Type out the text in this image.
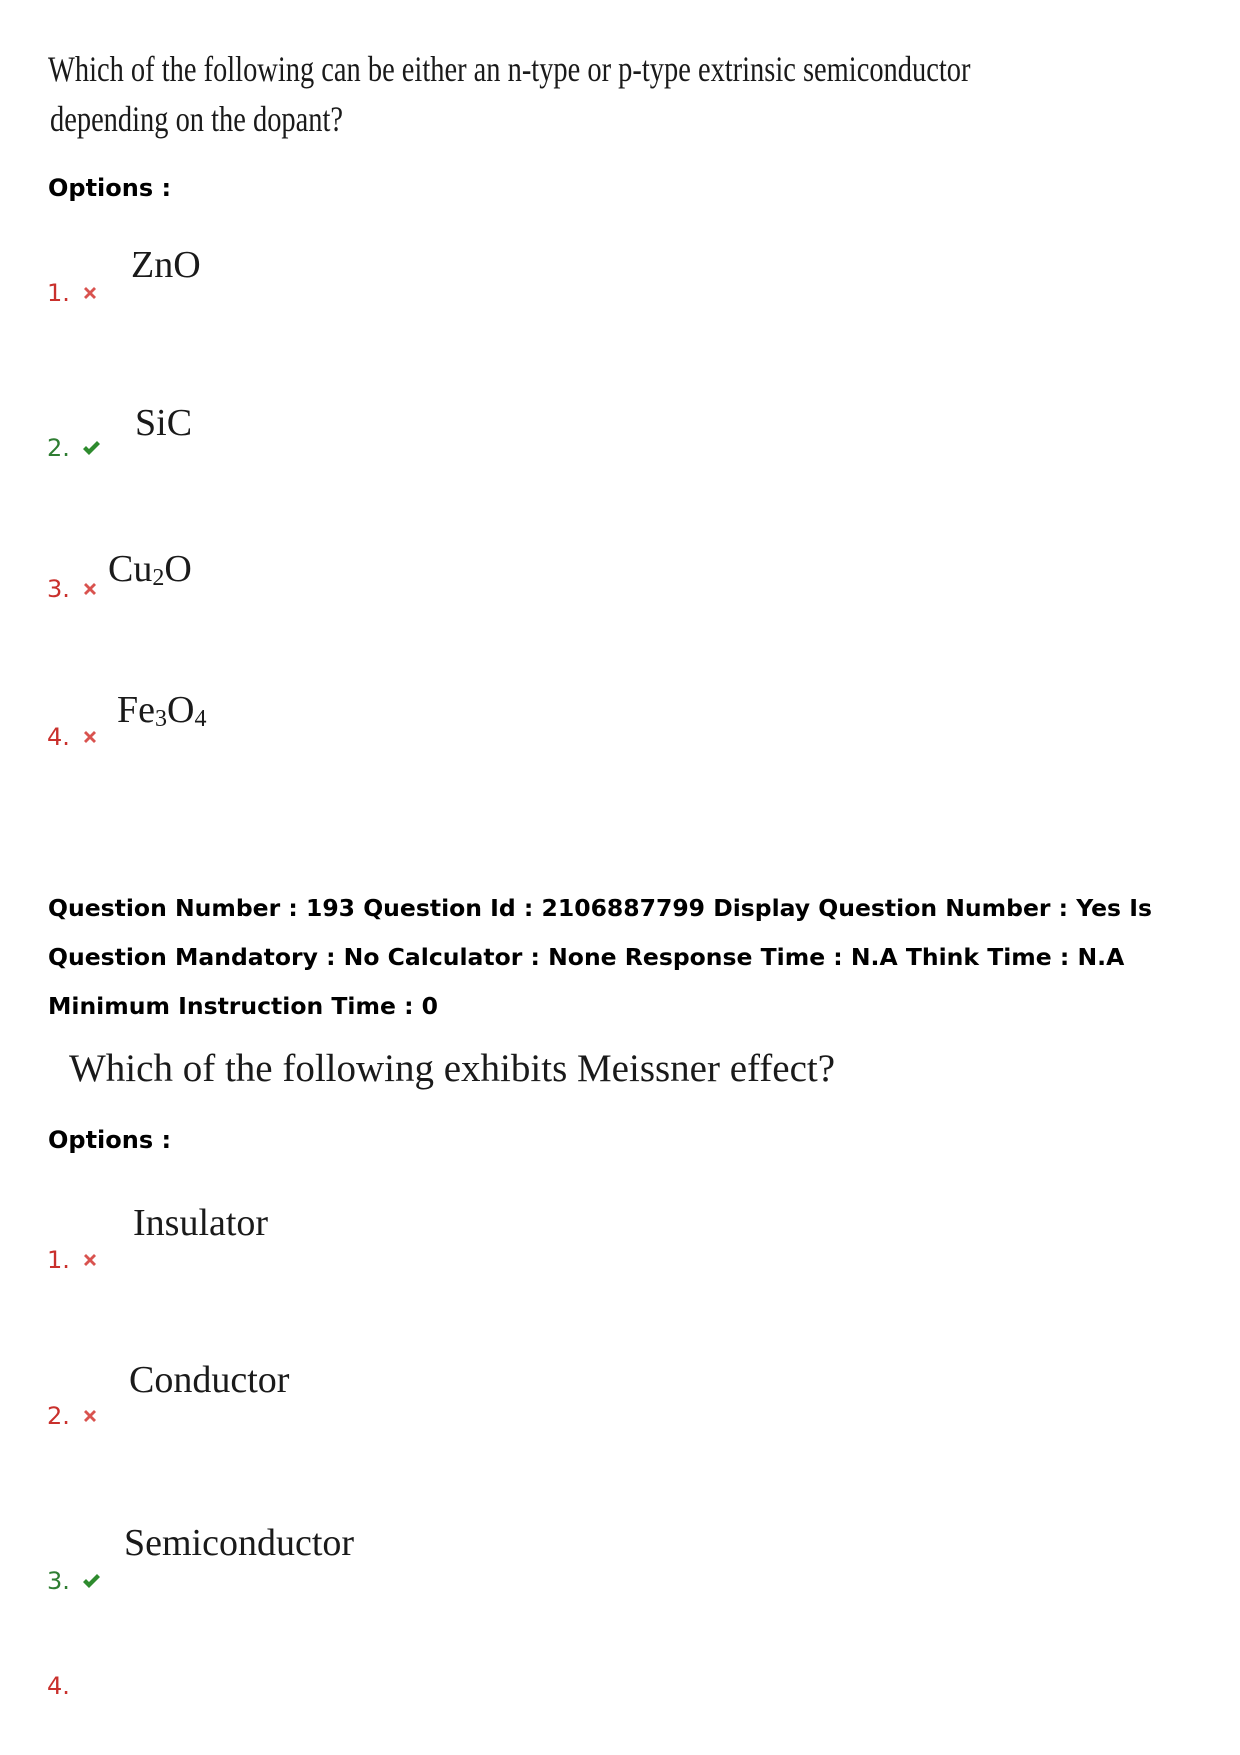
Which of the following can be either an n-type or p-type extrinsic semiconductor
depending on the dopant?
Options :
ZnO
1.
SiC
2.
$Cu_2O$
3.
$Fe_3O_4$
4.
Question Number : 193 Question Id : 2106887799 Display Question Number : Yes Is Question Mandatory : No Calculator : None Response Time : N.A Think Time : N.A Minimum Instruction Time : 0
Which of the following exhibits Meissner effect?
Options :
Insulator
1.
Conductor
2.
Semiconductor
3.
4.
